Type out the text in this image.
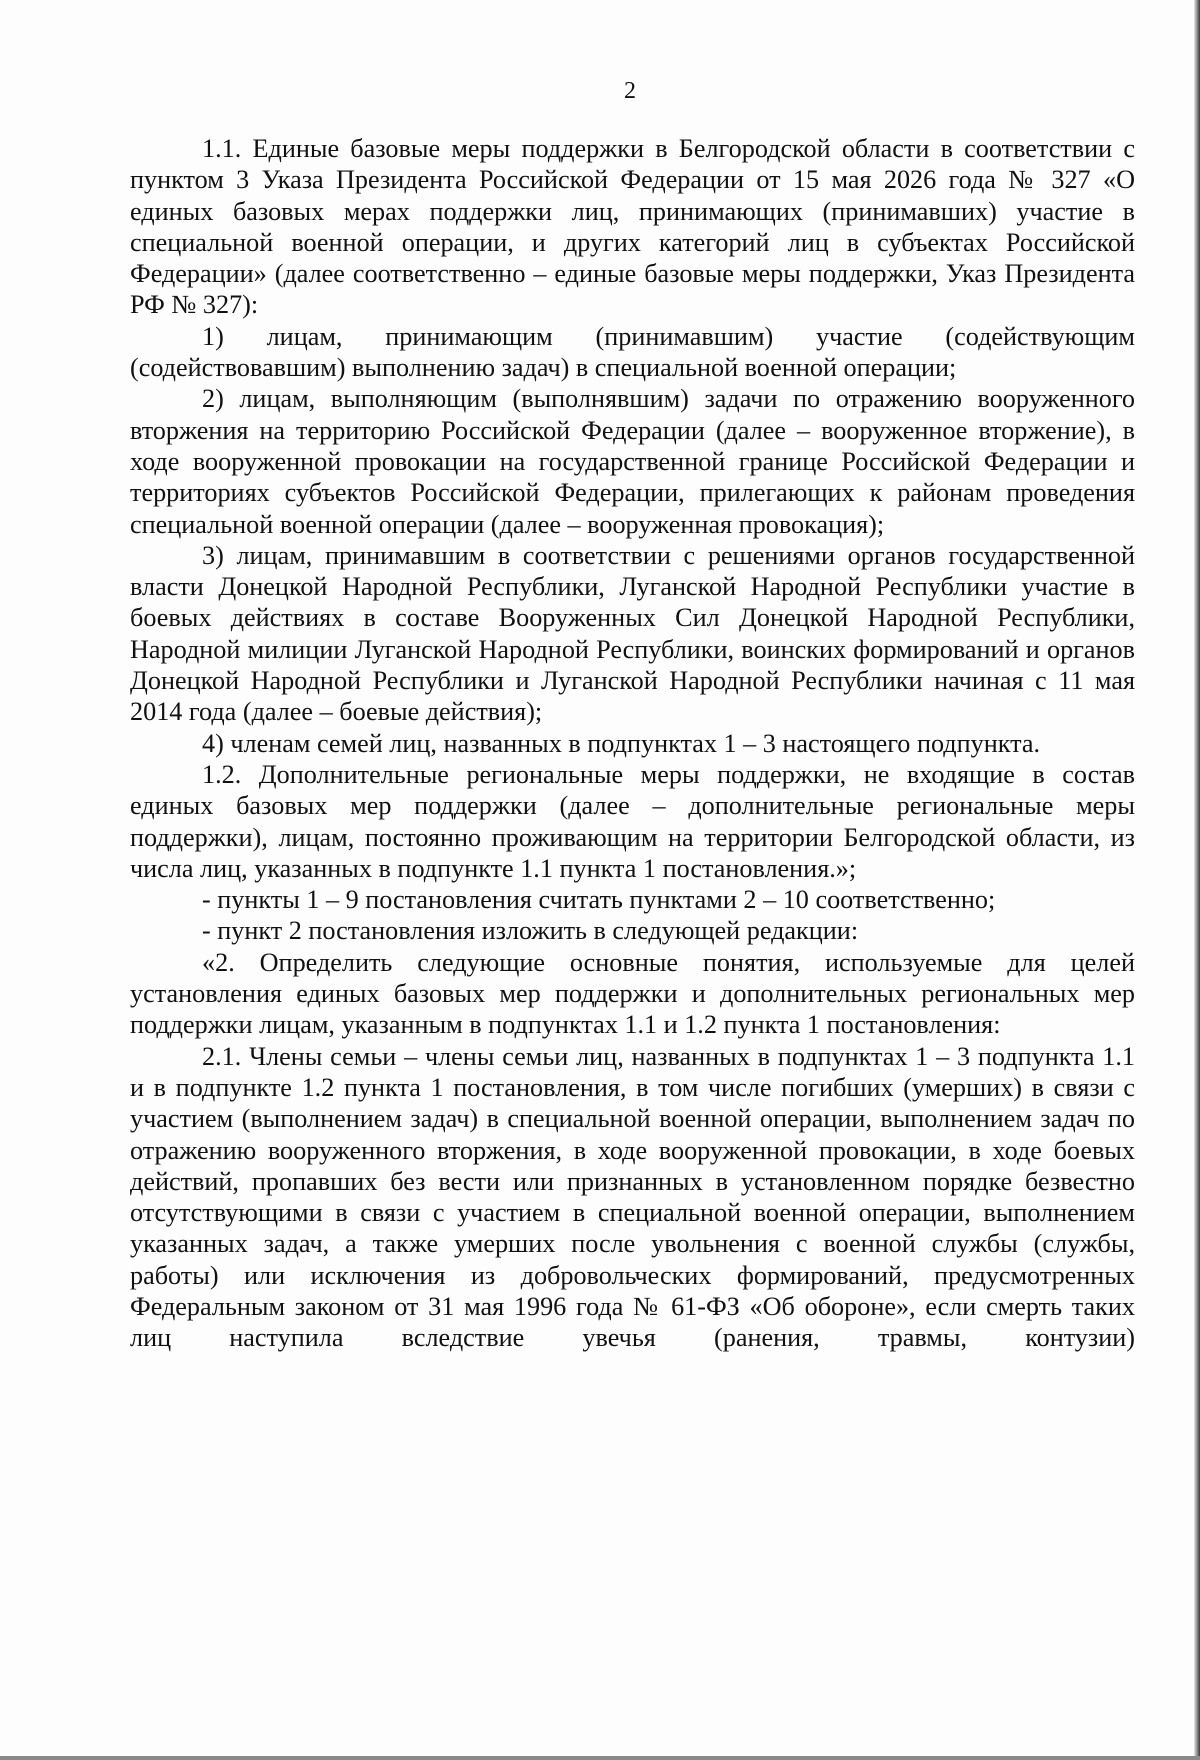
2

1.1. Единые базовые меры поддержки в Белгородской области в соответствии с пунктом 3 Указа Президента Российской Федерации от 15 мая 2026 года № 327 «О единых базовых мерах поддержки лиц, принимающих (принимавших) участие в специальной военной операции, и других категорий лиц в субъектах Российской Федерации» (далее соответственно – единые базовые меры поддержки, Указ Президента РФ № 327):

1) лицам, принимающим (принимавшим) участие (содействующим (содействовавшим) выполнению задач) в специальной военной операции;

2) лицам, выполняющим (выполнявшим) задачи по отражению вооруженного вторжения на территорию Российской Федерации (далее – вооруженное вторжение), в ходе вооруженной провокации на государственной границе Российской Федерации и территориях субъектов Российской Федерации, прилегающих к районам проведения специальной военной операции (далее – вооруженная провокация);

3) лицам, принимавшим в соответствии с решениями органов государственной власти Донецкой Народной Республики, Луганской Народной Республики участие в боевых действиях в составе Вооруженных Сил Донецкой Народной Республики, Народной милиции Луганской Народной Республики, воинских формирований и органов Донецкой Народной Республики и Луганской Народной Республики начиная с 11 мая 2014 года (далее – боевые действия);

4) членам семей лиц, названных в подпунктах 1 – 3 настоящего подпункта.

1.2. Дополнительные региональные меры поддержки, не входящие в состав единых базовых мер поддержки (далее – дополнительные региональные меры поддержки), лицам, постоянно проживающим на территории Белгородской области, из числа лиц, указанных в подпункте 1.1 пункта 1 постановления.»;

- пункты 1 – 9 постановления считать пунктами 2 – 10 соответственно;

- пункт 2 постановления изложить в следующей редакции:

«2. Определить следующие основные понятия, используемые для целей установления единых базовых мер поддержки и дополнительных региональных мер поддержки лицам, указанным в подпунктах 1.1 и 1.2 пункта 1 постановления:

2.1. Члены семьи – члены семьи лиц, названных в подпунктах 1 – 3 подпункта 1.1 и в подпункте 1.2 пункта 1 постановления, в том числе погибших (умерших) в связи с участием (выполнением задач) в специальной военной операции, выполнением задач по отражению вооруженного вторжения, в ходе вооруженной провокации, в ходе боевых действий, пропавших без вести или признанных в установленном порядке безвестно отсутствующими в связи с участием в специальной военной операции, выполнением указанных задач, а также умерших после увольнения с военной службы (службы, работы) или исключения из добровольческих формирований, предусмотренных Федеральным законом от 31 мая 1996 года № 61-ФЗ «Об обороне», если смерть таких лиц наступила вследствие увечья (ранения, травмы, контузии)
